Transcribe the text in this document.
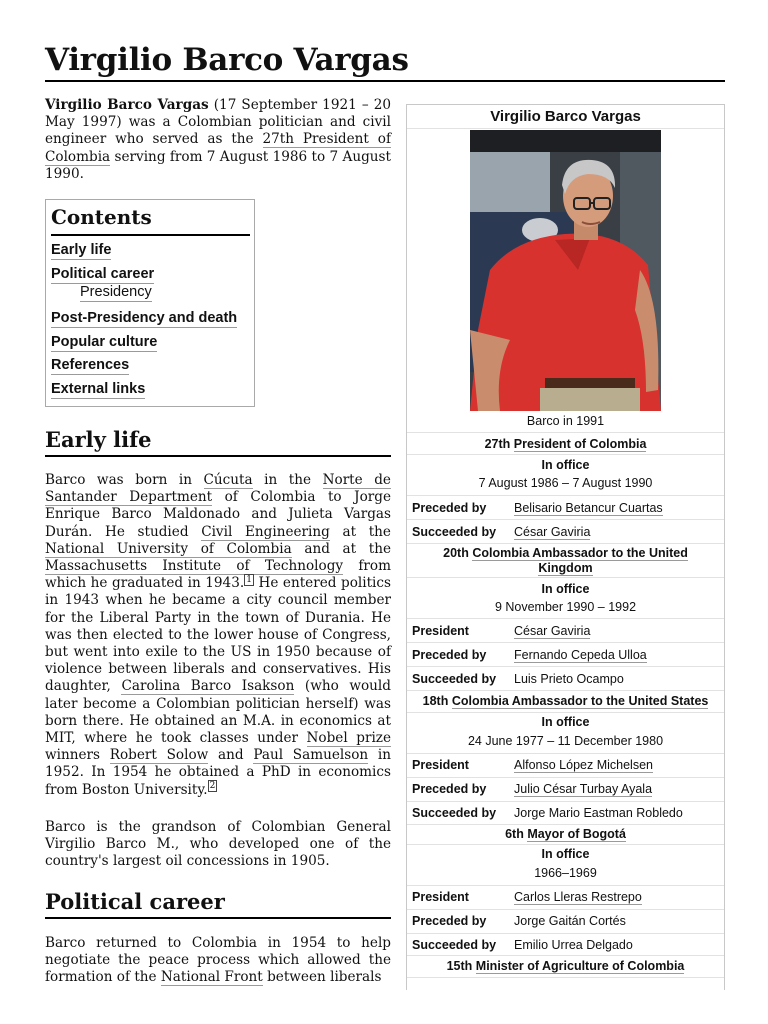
Virgilio Barco Vargas

Virgilio Barco Vargas (17 September 1921 – 20 May 1997) was a Colombian politician and civil engineer who served as the 27th President of Colombia serving from 7 August 1986 to 7 August 1990.

Contents
Early life
Political career
Presidency
Post-Presidency and death
Popular culture
References
External links
Early life

Barco was born in Cúcuta in the Norte de Santander Department of Colombia to Jorge Enrique Barco Maldonado and Julieta Vargas Durán. He studied Civil Engineering at the National University of Colombia and at the Massachusetts Institute of Technology from which he graduated in 1943. $^1$ He entered politics in 1943 when he became a city council member for the Liberal Party in the town of Durania. He was then elected to the lower house of Congress, but went into exile to the US in 1950 because of violence between liberals and conservatives. His daughter, Carolina Barco Isakson (who would later become a Colombian politician herself) was born there. He obtained an M.A. in economics at MIT, where he took classes under Nobel prize winners Robert Solow and Paul Samuelson in 1952. In 1954 he obtained a PhD in economics from Boston University. $^2$

Barco is the grandson of Colombian General Virgilio Barco M., who developed one of the country's largest oil concessions in 1905.

Political career

Barco returned to Colombia in 1954 to help negotiate the peace process which allowed the formation of the National Front between liberals

Virgilio Barco Vargas
Barco in 1991
27th President of Colombia
In office
7 August 1986 – 7 August 1990
Preceded by Belisario Betancur Cuartas
Succeeded by César Gaviria
20th Colombia Ambassador to the United Kingdom
In office
9 November 1990 – 1992
President	César Gaviria
Preceded by Fernando Cepeda Ulloa
Succeeded by Luis Prieto Ocampo
18th Colombia Ambassador to the United States
In office
24 June 1977 – 11 December 1980
President	Alfonso López Michelsen
Preceded by Julio César Turbay Ayala
Succeeded by Jorge Mario Eastman Robledo
6th Mayor of Bogotá
In office
1966–1969
President	Carlos Lleras Restrepo
Preceded by Jorge Gaitán Cortés
Succeeded by Emilio Urrea Delgado
15th Minister of Agriculture of Colombia
